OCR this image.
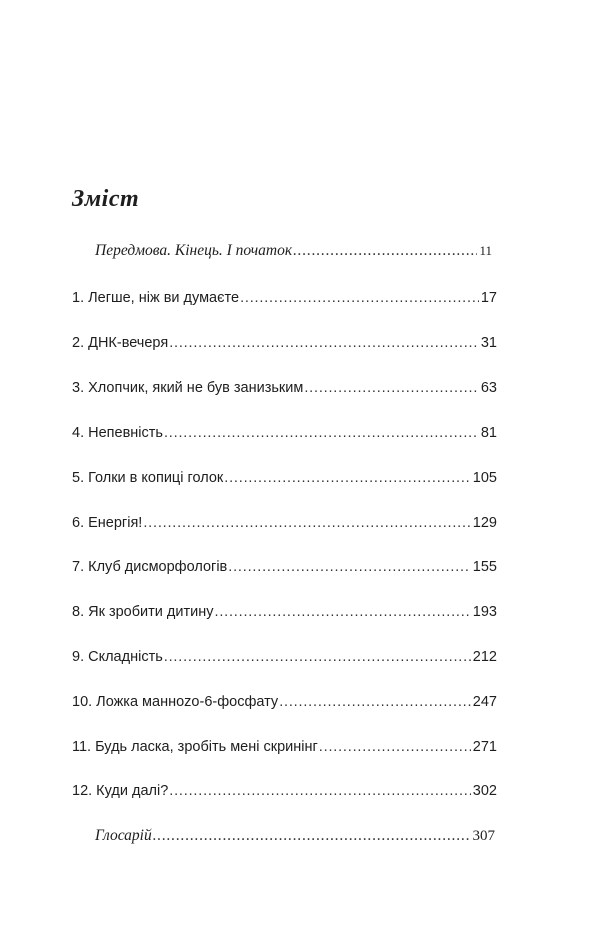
Зміст
Передмова. Кінець. І початок .....	11
1. Легше, ніж ви думаєте .....	17
2. ДНК-вечеря .....	31
3. Хлопчик, який не був занизьким .....	63
4. Непевність .....	81
5. Голки в копиці голок .....	105
6. Енергія! .....	129
7. Клуб дисморфологів .....	155
8. Як зробити дитину .....	193
9. Складність .....	212
10. Ложка манноzo-6-фосфату .....	247
11. Будь ласка, зробіть мені скринінг .....	271
12. Куди далі? .....	302
Глосарій .....	307
